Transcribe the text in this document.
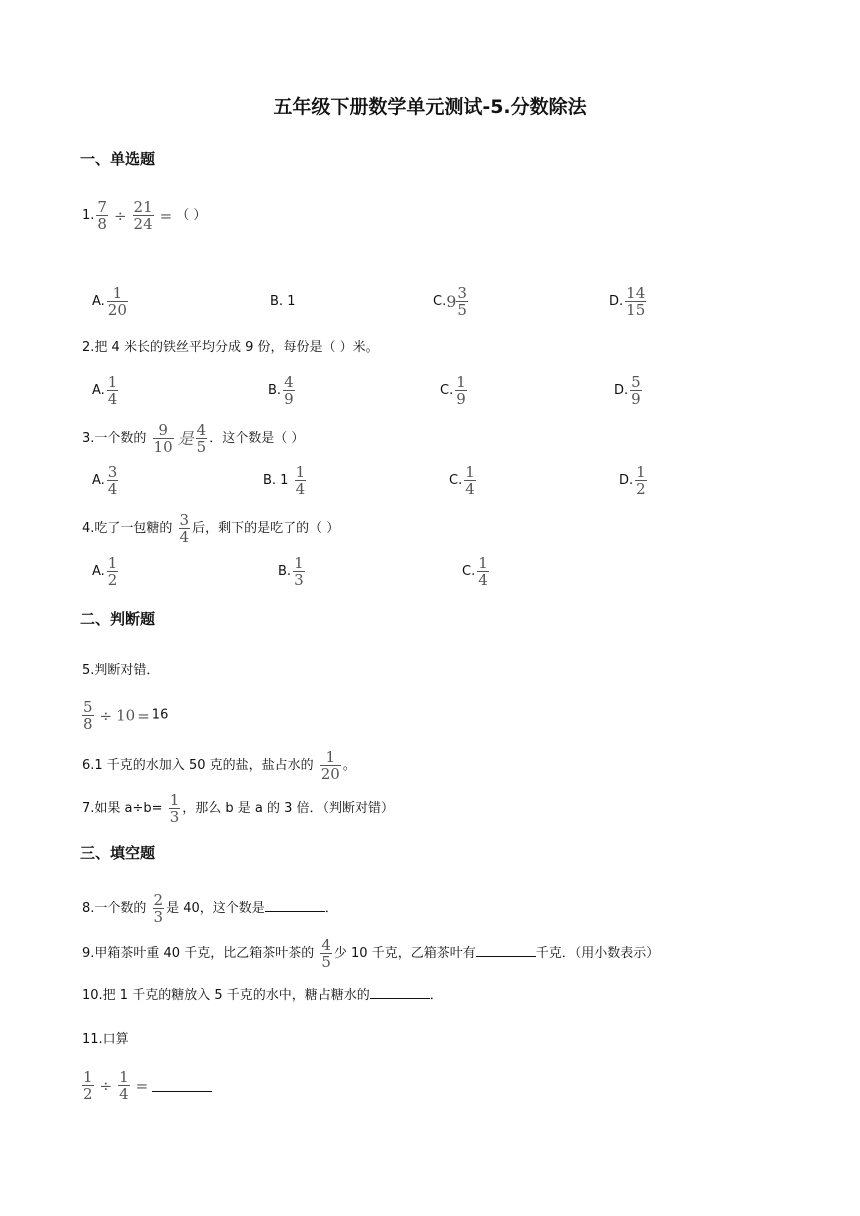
五年级下册数学单元测试-5.分数除法
一、单选题
1. $\frac{7}{8} \div \frac{21}{24}$ = （ ）
A. $\frac{1}{20}$	B. 1	C. $9 \frac{3}{5}$	D. $\frac{14}{15}$
2.把 4 米长的铁丝平均分成 9 份，每份是（ ）米。
A. $\frac{1}{4}$	B. $\frac{4}{9}$	C. $\frac{1}{9}$	D. $\frac{5}{9}$
3.一个数的 $\frac{9}{10}$ 是 $\frac{4}{5}$ ．这个数是（ ）
A. $\frac{3}{4}$	B. $1 \frac{1}{4}$	C. $\frac{1}{4}$	D. $\frac{1}{2}$
4.吃了一包糖的 $\frac{3}{4}$ 后，剩下的是吃了的（ ）
A. $\frac{1}{2}$	B. $\frac{1}{3}$	C. $\frac{1}{4}$
二、判断题
5.判断对错．
$\frac{5}{8} \div 10 = 16$
6.1 千克的水加入 50 克的盐，盐占水的 $\frac{1}{20}$ 。
7.如果 $a\div b= \frac{1}{3}$ ，那么 b 是 a 的 3 倍．（判断对错）
三、填空题
8.一个数的 $\frac{2}{3}$ 是 40，这个数是	．
9.甲箱茶叶重 40 千克，比乙箱茶叶茶的 $\frac{4}{5}$ 少 10 千克，乙箱茶叶有	千克．（用小数表示）
10.把 1 千克的糖放入 5 千克的水中，糖占糖水的	．
11.口算
$\frac{1}{2} \div \frac{1}{4}$ =
